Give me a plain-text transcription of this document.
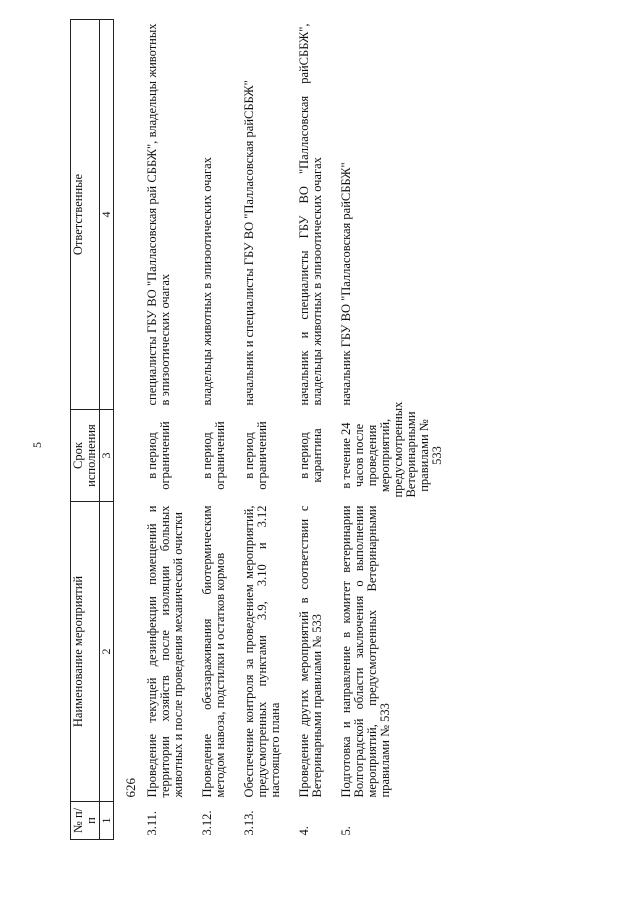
5
№ п/п	Наименование мероприятий	Срок исполнения	Ответственные
1	2	3	4
	626		
3.11.	Проведение текущей дезинфекции помещений и территории хозяйств после изоляции больных животных и после проведения механической очистки	в период ограничений	специалисты ГБУ ВО "Палласовская рай СББЖ", владельцы животных в эпизоотических очагах

3.12.	Проведение обеззараживания биотермическим методом навоза, подстилки и остатков кормов	в период ограничений	владельцы животных в эпизоотических очагах

3.13.	Обеспечение контроля за проведением мероприятий, предусмотренных пунктами 3.9, 3.10 и 3.12 настоящего плана	в период ограничений	начальник и специалисты ГБУ ВО "Палласовская райСББЖ"

4.	Проведение других мероприятий в соответствии с Ветеринарными правилами № 533	в период карантина	начальник и специалисты ГБУ ВО "Палласовская райСББЖ", владельцы животных в эпизоотических очагах

5.	Подготовка и направление в комитет ветеринарии Волгоградской области заключения о выполнении мероприятий, предусмотренных Ветеринарными правилами № 533	в течение 24 часов после проведения мероприятий, предусмотренных Ветеринарными правилами № 533	начальник ГБУ ВО "Палласовская райСББЖ"
